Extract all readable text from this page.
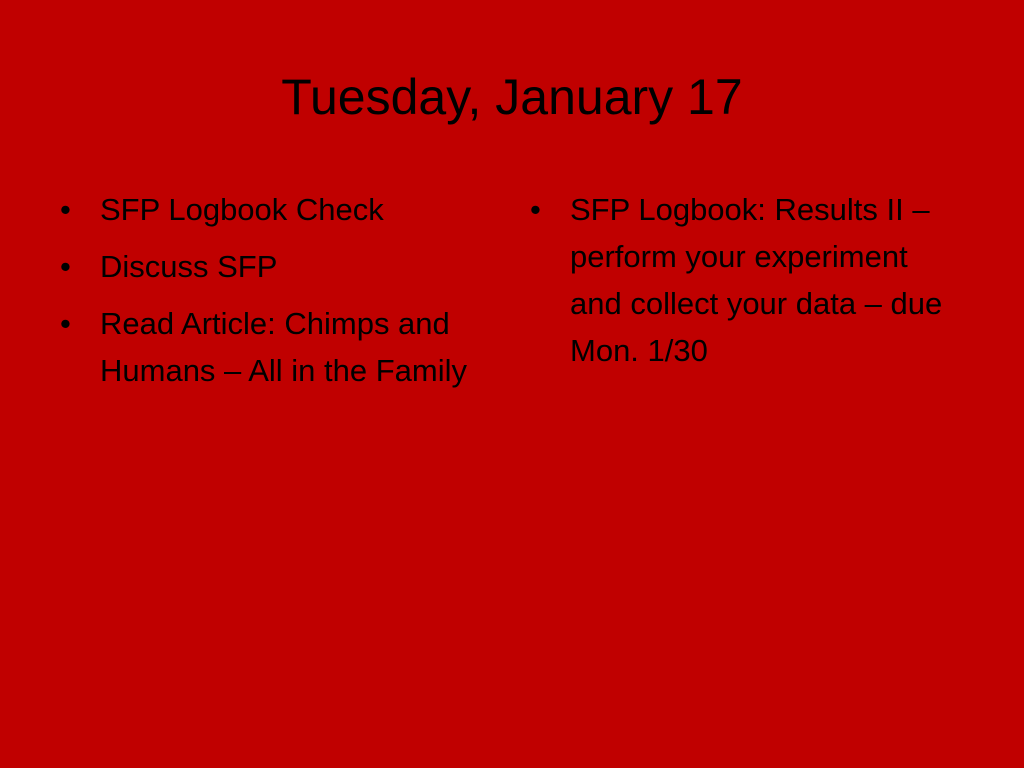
Tuesday, January 17
• SFP Logbook Check
• Discuss SFP
• Read Article: Chimps and Humans – All in the Family
• SFP Logbook: Results II – perform your experiment and collect your data – due Mon. 1/30
